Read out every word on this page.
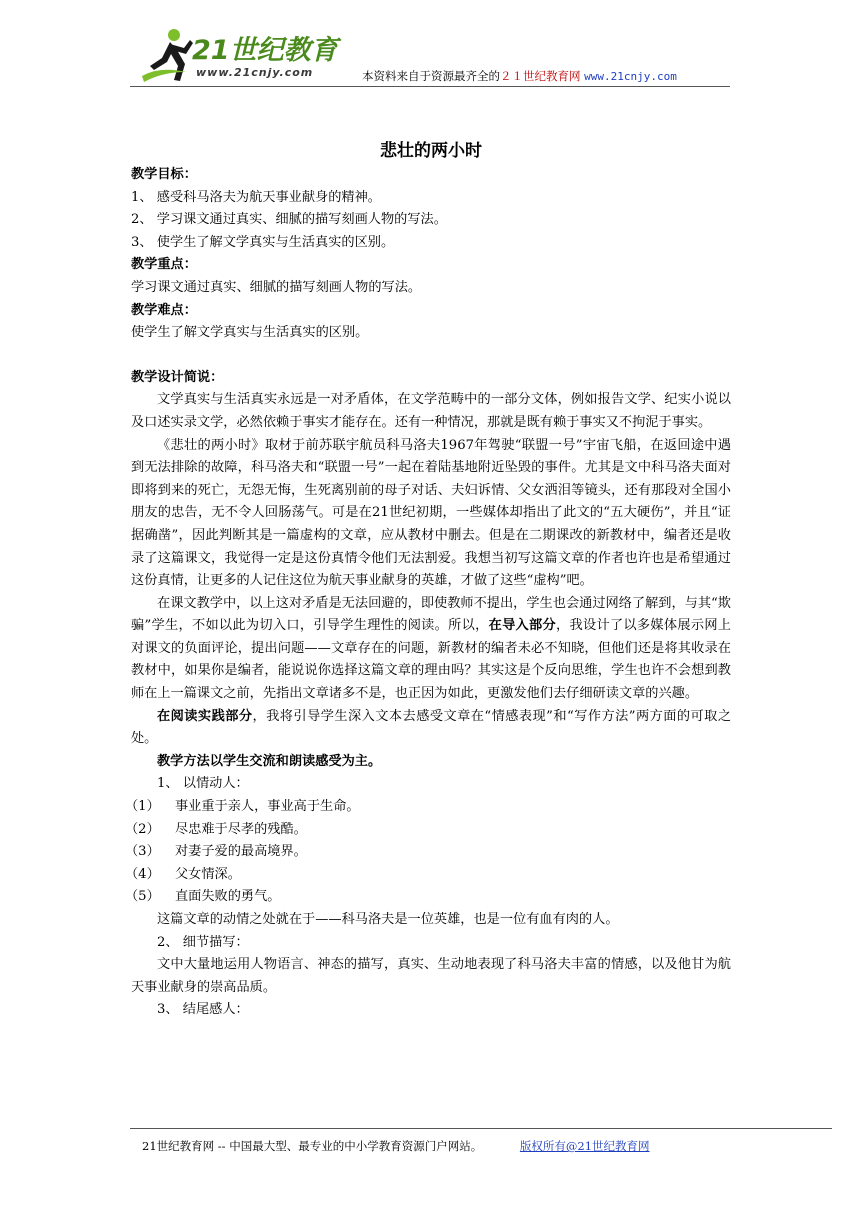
21世纪教育
www.21cnjy.com	本资料来自于资源最齐全的２１世纪教育网 www.21cnjy.com

悲壮的两小时

教学目标：

1、 感受科马洛夫为航天事业献身的精神。

2、 学习课文通过真实、细腻的描写刻画人物的写法。

3、 使学生了解文学真实与生活真实的区别。

教学重点：

学习课文通过真实、细腻的描写刻画人物的写法。

教学难点：

使学生了解文学真实与生活真实的区别。

教学设计简说：

文学真实与生活真实永远是一对矛盾体，在文学范畴中的一部分文体，例如报告文学、纪实小说以及口述实录文学，必然依赖于事实才能存在。还有一种情况，那就是既有赖于事实又不拘泥于事实。

《悲壮的两小时》取材于前苏联宇航员科马洛夫1967年驾驶“联盟一号”宇宙飞船，在返回途中遇到无法排除的故障，科马洛夫和“联盟一号”一起在着陆基地附近坠毁的事件。尤其是文中科马洛夫面对即将到来的死亡，无怨无悔，生死离别前的母子对话、夫妇诉情、父女洒泪等镜头，还有那段对全国小朋友的忠告，无不令人回肠荡气。可是在21世纪初期，一些媒体却指出了此文的“五大硬伤”，并且“证据确凿”，因此判断其是一篇虚构的文章，应从教材中删去。但是在二期课改的新教材中，编者还是收录了这篇课文，我觉得一定是这份真情令他们无法割爱。我想当初写这篇文章的作者也许也是希望通过这份真情，让更多的人记住这位为航天事业献身的英雄，才做了这些“虚构”吧。

在课文教学中，以上这对矛盾是无法回避的，即使教师不提出，学生也会通过网络了解到，与其“欺骗”学生，不如以此为切入口，引导学生理性的阅读。所以，在导入部分，我设计了以多媒体展示网上对课文的负面评论，提出问题——文章存在的问题，新教材的编者未必不知晓，但他们还是将其收录在教材中，如果你是编者，能说说你选择这篇文章的理由吗？其实这是个反向思维，学生也许不会想到教师在上一篇课文之前，先指出文章诸多不是，也正因为如此，更激发他们去仔细研读文章的兴趣。

在阅读实践部分，我将引导学生深入文本去感受文章在“情感表现”和“写作方法”两方面的可取之处。

教学方法以学生交流和朗读感受为主。

1、 以情动人：

（1） 事业重于亲人，事业高于生命。

（2） 尽忠难于尽孝的残酷。

（3） 对妻子爱的最高境界。

（4） 父女情深。

（5） 直面失败的勇气。

这篇文章的动情之处就在于——科马洛夫是一位英雄，也是一位有血有肉的人。

2、 细节描写：

文中大量地运用人物语言、神态的描写，真实、生动地表现了科马洛夫丰富的情感，以及他甘为航天事业献身的崇高品质。

3、 结尾感人：

21世纪教育网 -- 中国最大型、最专业的中小学教育资源门户网站。	版权所有@21世纪教育网
